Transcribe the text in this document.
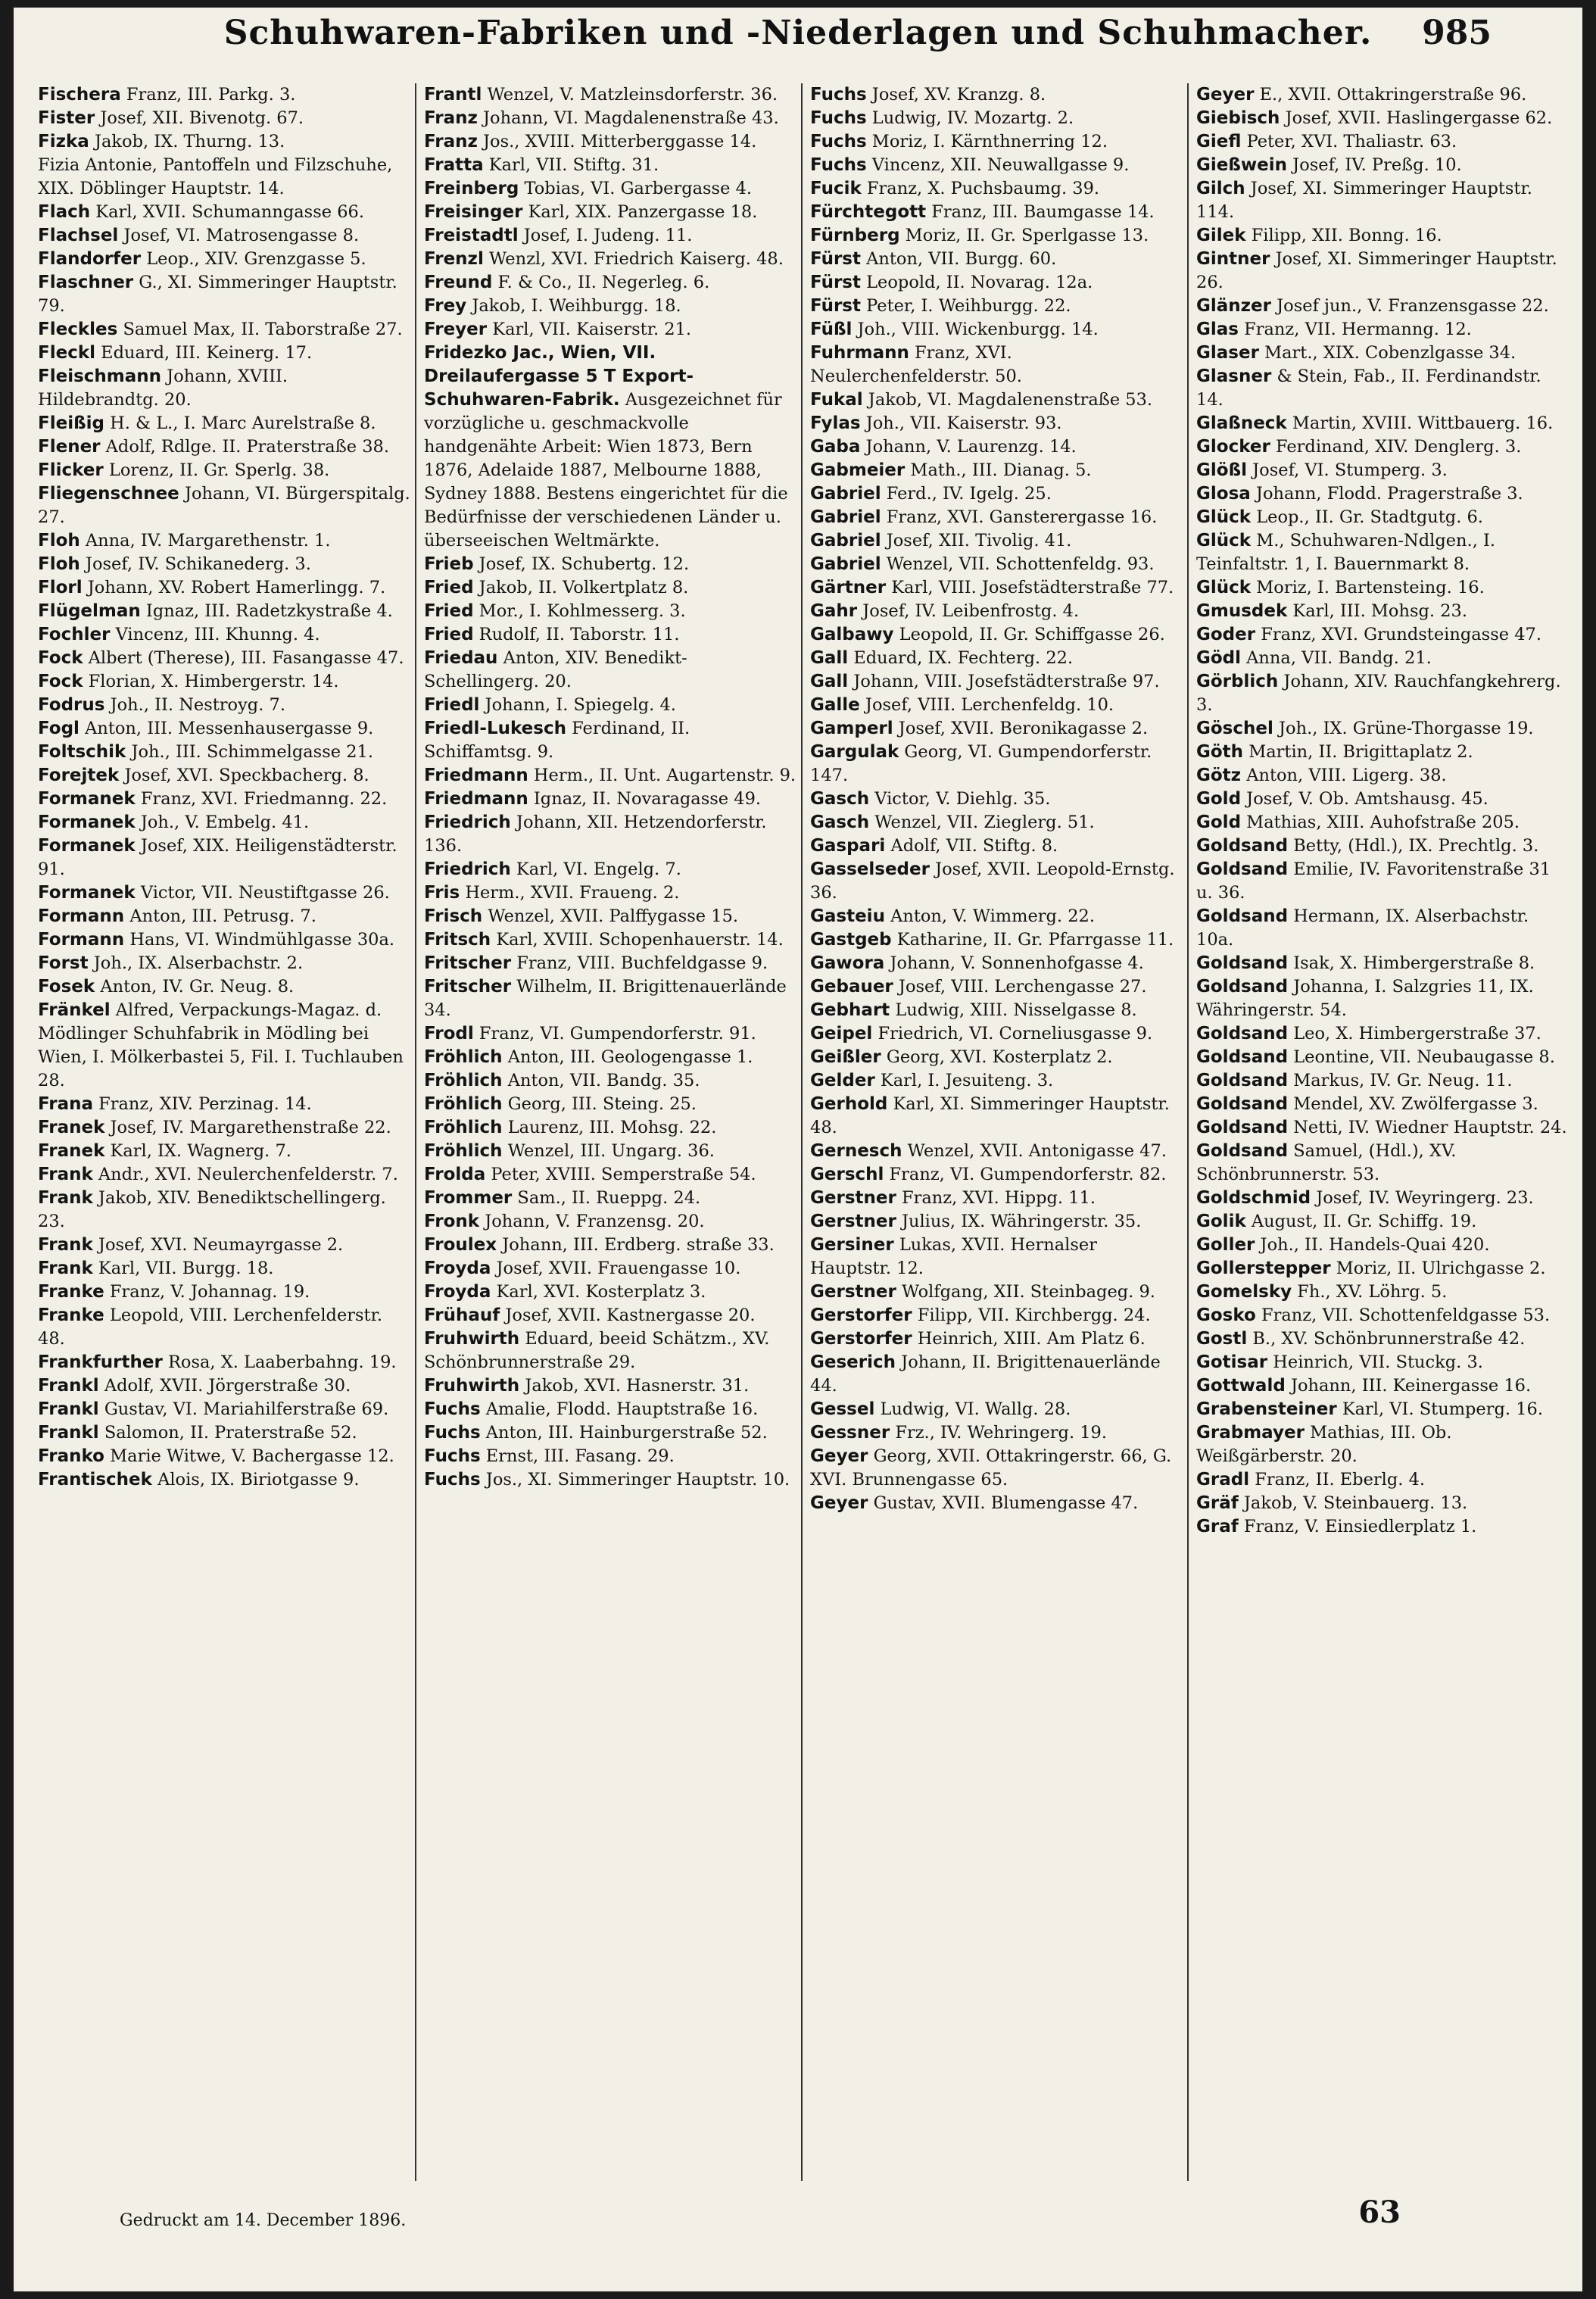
Schuhwaren-Fabriken und -Niederlagen und Schuhmacher.	985

Fischera Franz, III. Parkg. 3.

Fister Josef, XII. Bivenotg. 67.

Fizka Jakob, IX. Thurng. 13.

Fizia Antonie, Pantoffeln und Filzschuhe, XIX. Döblinger Hauptstr. 14.

Flach Karl, XVII. Schumanngasse 66.

Flachsel Josef, VI. Matrosengasse 8.

Flandorfer Leop., XIV. Grenzgasse 5.

Flaschner G., XI. Simmeringer Hauptstr. 79.

Fleckles Samuel Max, II. Taborstraße 27.

Fleckl Eduard, III. Keinerg. 17.

Fleischmann Johann, XVIII. Hildebrandtg. 20.

Fleißig H. & L., I. Marc Aurelstraße 8.

Flener Adolf, Rdlge. II. Praterstraße 38.

Flicker Lorenz, II. Gr. Sperlg. 38.

Fliegenschnee Johann, VI. Bürgerspitalg. 27.

Floh Anna, IV. Margarethenstr. 1.

Floh Josef, IV. Schikanederg. 3.

Florl Johann, XV. Robert Hamerlingg. 7.

Flügelman Ignaz, III. Radetzkystraße 4.

Fochler Vincenz, III. Khunng. 4.

Fock Albert (Therese), III. Fasangasse 47.

Fock Florian, X. Himbergerstr. 14.

Fodrus Joh., II. Nestroyg. 7.

Fogl Anton, III. Messenhausergasse 9.

Foltschik Joh., III. Schimmelgasse 21.

Forejtek Josef, XVI. Speckbacherg. 8.

Formanek Franz, XVI. Friedmanng. 22.

Formanek Joh., V. Embelg. 41.

Formanek Josef, XIX. Heiligenstädterstr. 91.

Formanek Victor, VII. Neustiftgasse 26.

Formann Anton, III. Petrusg. 7.

Formann Hans, VI. Windmühlgasse 30a.

Forst Joh., IX. Alserbachstr. 2.

Fosek Anton, IV. Gr. Neug. 8.

Fränkel Alfred, Verpackungs-Magaz. d. Mödlinger Schuhfabrik in Mödling bei Wien, I. Mölkerbastei 5, Fil. I. Tuchlauben 28.

Frana Franz, XIV. Perzinag. 14.

Franek Josef, IV. Margarethenstraße 22.

Franek Karl, IX. Wagnerg. 7.

Frank Andr., XVI. Neulerchenfelderstr. 7.

Frank Jakob, XIV. Benediktschellingerg. 23.

Frank Josef, XVI. Neumayrgasse 2.

Frank Karl, VII. Burgg. 18.

Franke Franz, V. Johannag. 19.

Franke Leopold, VIII. Lerchenfelderstr. 48.

Frankfurther Rosa, X. Laaberbahng. 19.

Frankl Adolf, XVII. Jörgerstraße 30.

Frankl Gustav, VI. Mariahilferstraße 69.

Frankl Salomon, II. Praterstraße 52.

Franko Marie Witwe, V. Bachergasse 12.

Frantischek Alois, IX. Biriotgasse 9.

Frantl Wenzel, V. Matzleinsdorferstr. 36.

Franz Johann, VI. Magdalenenstraße 43.

Franz Jos., XVIII. Mitterberggasse 14.

Fratta Karl, VII. Stiftg. 31.

Freinberg Tobias, VI. Garbergasse 4.

Freisinger Karl, XIX. Panzergasse 18.

Freistadtl Josef, I. Judeng. 11.

Frenzl Wenzl, XVI. Friedrich Kaiserg. 48.

Freund F. & Co., II. Negerleg. 6.

Frey Jakob, I. Weihburgg. 18.

Freyer Karl, VII. Kaiserstr. 21.

Fridezko Jac., Wien, VII. Dreilaufergasse 5 T Export-Schuhwaren-Fabrik. Ausgezeichnet für vorzügliche u. geschmackvolle handgenähte Arbeit: Wien 1873, Bern 1876, Adelaide 1887, Melbourne 1888, Sydney 1888. Bestens eingerichtet für die Bedürfnisse der verschiedenen Länder u. überseeischen Weltmärkte.

Frieb Josef, IX. Schubertg. 12.

Fried Jakob, II. Volkertplatz 8.

Fried Mor., I. Kohlmesserg. 3.

Fried Rudolf, II. Taborstr. 11.

Friedau Anton, XIV. Benedikt-Schellingerg. 20.

Friedl Johann, I. Spiegelg. 4.

Friedl-Lukesch Ferdinand, II. Schiffamtsg. 9.

Friedmann Herm., II. Unt. Augartenstr. 9.

Friedmann Ignaz, II. Novaragasse 49.

Friedrich Johann, XII. Hetzendorferstr. 136.

Friedrich Karl, VI. Engelg. 7.

Fris Herm., XVII. Fraueng. 2.

Frisch Wenzel, XVII. Palffygasse 15.

Fritsch Karl, XVIII. Schopenhauerstr. 14.

Fritscher Franz, VIII. Buchfeldgasse 9.

Fritscher Wilhelm, II. Brigittenauerlände 34.

Frodl Franz, VI. Gumpendorferstr. 91.

Fröhlich Anton, III. Geologengasse 1.

Fröhlich Anton, VII. Bandg. 35.

Fröhlich Georg, III. Steing. 25.

Fröhlich Laurenz, III. Mohsg. 22.

Fröhlich Wenzel, III. Ungarg. 36.

Frolda Peter, XVIII. Semperstraße 54.

Frommer Sam., II. Rueppg. 24.

Fronk Johann, V. Franzensg. 20.

Froulex Johann, III. Erdberg. straße 33.

Froyda Josef, XVII. Frauengasse 10.

Froyda Karl, XVI. Kosterplatz 3.

Frühauf Josef, XVII. Kastnergasse 20.

Fruhwirth Eduard, beeid Schätzm., XV. Schönbrunnerstraße 29.

Fruhwirth Jakob, XVI. Hasnerstr. 31.

Fuchs Amalie, Flodd. Hauptstraße 16.

Fuchs Anton, III. Hainburgerstraße 52.

Fuchs Ernst, III. Fasang. 29.

Fuchs Jos., XI. Simmeringer Hauptstr. 10.

Fuchs Josef, XV. Kranzg. 8.

Fuchs Ludwig, IV. Mozartg. 2.

Fuchs Moriz, I. Kärnthnerring 12.

Fuchs Vincenz, XII. Neuwallgasse 9.

Fucik Franz, X. Puchsbaumg. 39.

Fürchtegott Franz, III. Baumgasse 14.

Fürnberg Moriz, II. Gr. Sperlgasse 13.

Fürst Anton, VII. Burgg. 60.

Fürst Leopold, II. Novarag. 12a.

Fürst Peter, I. Weihburgg. 22.

Füßl Joh., VIII. Wickenburgg. 14.

Fuhrmann Franz, XVI. Neulerchenfelderstr. 50.

Fukal Jakob, VI. Magdalenenstraße 53.

Fylas Joh., VII. Kaiserstr. 93.

Gaba Johann, V. Laurenzg. 14.

Gabmeier Math., III. Dianag. 5.

Gabriel Ferd., IV. Igelg. 25.

Gabriel Franz, XVI. Gansterergasse 16.

Gabriel Josef, XII. Tivolig. 41.

Gabriel Wenzel, VII. Schottenfeldg. 93.

Gärtner Karl, VIII. Josefstädterstraße 77.

Gahr Josef, IV. Leibenfrostg. 4.

Galbawy Leopold, II. Gr. Schiffgasse 26.

Gall Eduard, IX. Fechterg. 22.

Gall Johann, VIII. Josefstädterstraße 97.

Galle Josef, VIII. Lerchenfeldg. 10.

Gamperl Josef, XVII. Beronikagasse 2.

Gargulak Georg, VI. Gumpendorferstr. 147.

Gasch Victor, V. Diehlg. 35.

Gasch Wenzel, VII. Zieglerg. 51.

Gaspari Adolf, VII. Stiftg. 8.

Gasselseder Josef, XVII. Leopold-Ernstg. 36.

Gasteiu Anton, V. Wimmerg. 22.

Gastgeb Katharine, II. Gr. Pfarrgasse 11.

Gawora Johann, V. Sonnenhofgasse 4.

Gebauer Josef, VIII. Lerchengasse 27.

Gebhart Ludwig, XIII. Nisselgasse 8.

Geipel Friedrich, VI. Corneliusgasse 9.

Geißler Georg, XVI. Kosterplatz 2.

Gelder Karl, I. Jesuiteng. 3.

Gerhold Karl, XI. Simmeringer Hauptstr. 48.

Gernesch Wenzel, XVII. Antonigasse 47.

Gerschl Franz, VI. Gumpendorferstr. 82.

Gerstner Franz, XVI. Hippg. 11.

Gerstner Julius, IX. Währingerstr. 35.

Gersiner Lukas, XVII. Hernalser Hauptstr. 12.

Gerstner Wolfgang, XII. Steinbageg. 9.

Gerstorfer Filipp, VII. Kirchbergg. 24.

Gerstorfer Heinrich, XIII. Am Platz 6.

Geserich Johann, II. Brigittenauerlände 44.

Gessel Ludwig, VI. Wallg. 28.

Gessner Frz., IV. Wehringerg. 19.

Geyer Georg, XVII. Ottakringerstr. 66, G. XVI. Brunnengasse 65.

Geyer Gustav, XVII. Blumengasse 47.

Geyer E., XVII. Ottakringerstraße 96.

Giebisch Josef, XVII. Haslingergasse 62.

Giefl Peter, XVI. Thaliastr. 63.

Gießwein Josef, IV. Preßg. 10.

Gilch Josef, XI. Simmeringer Hauptstr. 114.

Gilek Filipp, XII. Bonng. 16.

Gintner Josef, XI. Simmeringer Hauptstr. 26.

Glänzer Josef jun., V. Franzensgasse 22.

Glas Franz, VII. Hermanng. 12.

Glaser Mart., XIX. Cobenzlgasse 34.

Glasner & Stein, Fab., II. Ferdinandstr. 14.

Glaßneck Martin, XVIII. Wittbauerg. 16.

Glocker Ferdinand, XIV. Denglerg. 3.

Glößl Josef, VI. Stumperg. 3.

Glosa Johann, Flodd. Pragerstraße 3.

Glück Leop., II. Gr. Stadtgutg. 6.

Glück M., Schuhwaren-Ndlgen., I. Teinfaltstr. 1, I. Bauernmarkt 8.

Glück Moriz, I. Bartensteing. 16.

Gmusdek Karl, III. Mohsg. 23.

Goder Franz, XVI. Grundsteingasse 47.

Gödl Anna, VII. Bandg. 21.

Görblich Johann, XIV. Rauchfangkehrerg. 3.

Göschel Joh., IX. Grüne-Thorgasse 19.

Göth Martin, II. Brigittaplatz 2.

Götz Anton, VIII. Ligerg. 38.

Gold Josef, V. Ob. Amtshausg. 45.

Gold Mathias, XIII. Auhofstraße 205.

Goldsand Betty, (Hdl.), IX. Prechtlg. 3.

Goldsand Emilie, IV. Favoritenstraße 31 u. 36.

Goldsand Hermann, IX. Alserbachstr. 10a.

Goldsand Isak, X. Himbergerstraße 8.

Goldsand Johanna, I. Salzgries 11, IX. Währingerstr. 54.

Goldsand Leo, X. Himbergerstraße 37.

Goldsand Leontine, VII. Neubaugasse 8.

Goldsand Markus, IV. Gr. Neug. 11.

Goldsand Mendel, XV. Zwölfergasse 3.

Goldsand Netti, IV. Wiedner Hauptstr. 24.

Goldsand Samuel, (Hdl.), XV. Schönbrunnerstr. 53.

Goldschmid Josef, IV. Weyringerg. 23.

Golik August, II. Gr. Schiffg. 19.

Goller Joh., II. Handels-Quai 420.

Gollerstepper Moriz, II. Ulrichgasse 2.

Gomelsky Fh., XV. Löhrg. 5.

Gosko Franz, VII. Schottenfeldgasse 53.

Gostl B., XV. Schönbrunnerstraße 42.

Gotisar Heinrich, VII. Stuckg. 3.

Gottwald Johann, III. Keinergasse 16.

Grabensteiner Karl, VI. Stumperg. 16.

Grabmayer Mathias, III. Ob. Weißgärberstr. 20.

Gradl Franz, II. Eberlg. 4.

Gräf Jakob, V. Steinbauerg. 13.

Graf Franz, V. Einsiedlerplatz 1.

Gedruckt am 14. December 1896.	63
